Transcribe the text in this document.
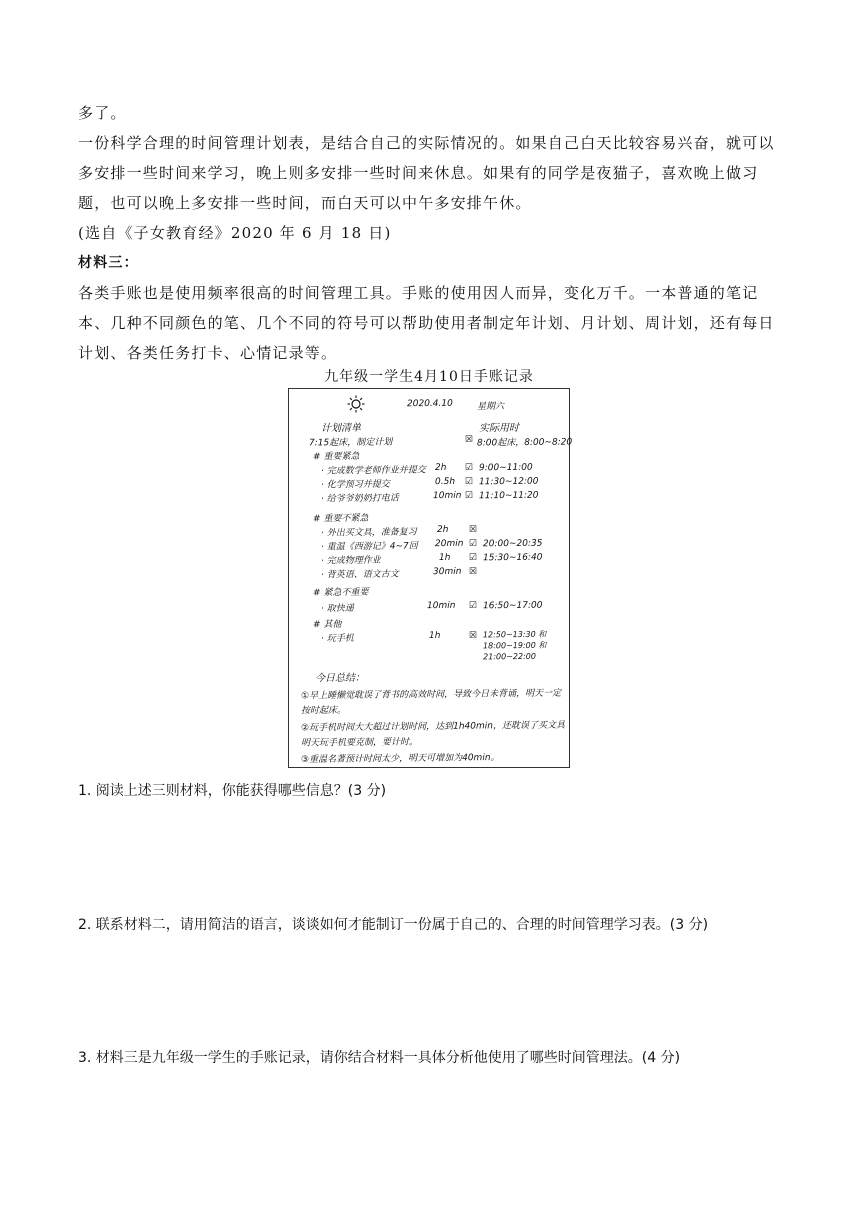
多了。

一份科学合理的时间管理计划表，是结合自己的实际情况的。如果自己白天比较容易兴奋，就可以多安排一些时间来学习，晚上则多安排一些时间来休息。如果有的同学是夜猫子，喜欢晚上做习题，也可以晚上多安排一些时间，而白天可以中午多安排午休。

(选自《子女教育经》2020 年 6 月 18 日)

材料三：

各类手账也是使用频率很高的时间管理工具。手账的使用因人而异，变化万千。一本普通的笔记本、几种不同颜色的笔、几个不同的符号可以帮助使用者制定年计划、月计划、周计划，还有每日计划、各类任务打卡、心情记录等。

九年级一学生4月10日手账记录
2020.4.10	星期六
计划清单	实际用时
7:15起床，制定计划	☒ 8:00起床，8:00~8:20
# 重要紧急
· 完成数学老师作业并提交 2h ☑ 9:00~11:00
· 化学预习并提交	0.5h ☑ 11:30~12:00
· 给爷爷奶奶打电话	10min ☑ 11:10~11:20
# 重要不紧急
· 外出买文具，准备复习 2h ☒
· 重温《西游记》4~7回 20min ☑ 20:00~20:35
· 完成物理作业	1h ☑ 15:30~16:40
· 背英语、语文古文	30min ☒
# 紧急不重要
· 取快递	10min ☑ 16:50~17:00
# 其他
· 玩手机	1h	☒ 12:50~13:30 和 18:00~19:00 和 21:00~22:00
今日总结：
①早上睡懒觉耽误了背书的高效时间，导致今日未背诵，明天一定
按时起床。
②玩手机时间大大超过计划时间，达到1h40min，还耽误了买文具
明天玩手机要克制，要计时。
③重温名著预计时间太少，明天可增加为40min。
1. 阅读上述三则材料，你能获得哪些信息？(3 分)
2. 联系材料二，请用简洁的语言，谈谈如何才能制订一份属于自己的、合理的时间管理学习表。(3 分)
3. 材料三是九年级一学生的手账记录，请你结合材料一具体分析他使用了哪些时间管理法。(4 分)
